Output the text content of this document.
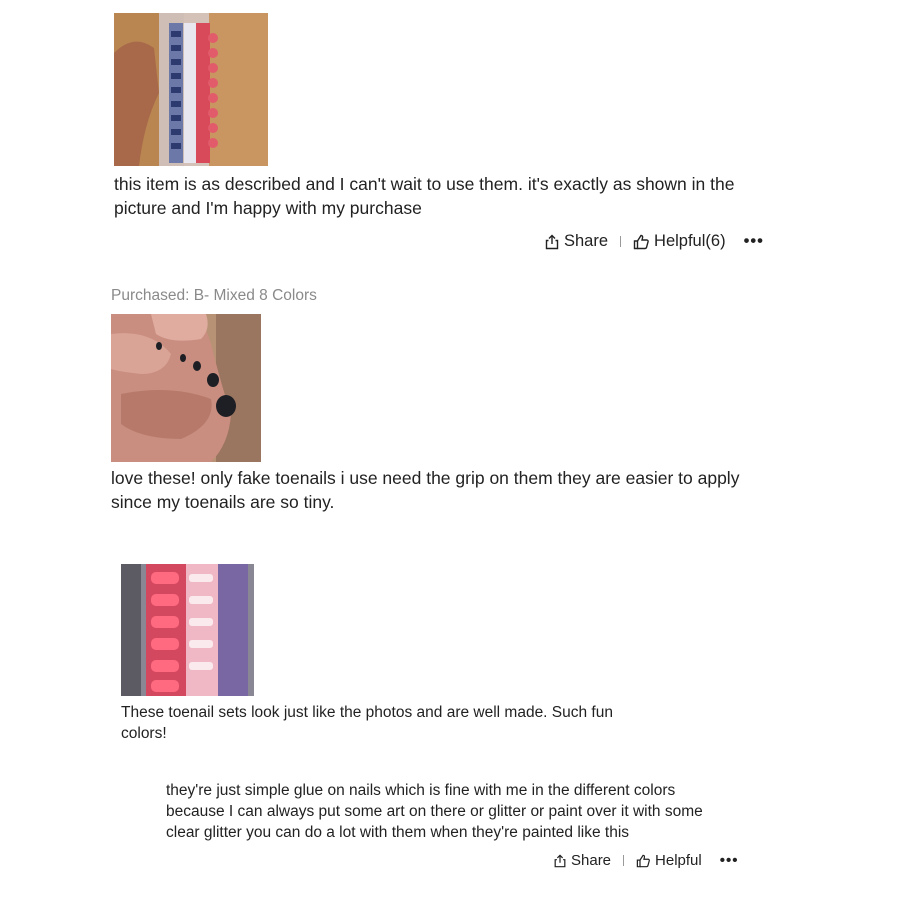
this item is as described and I can't wait to use them. it's exactly as shown in the picture and I'm happy with my purchase

Share	Helpful(6) •••

Purchased: B- Mixed 8 Colors

love these! only fake toenails i use need the grip on them they are easier to apply since my toenails are so tiny.

These toenail sets look just like the photos and are well made. Such fun colors!

they're just simple glue on nails which is fine with me in the different colors because I can always put some art on there or glitter or paint over it with some clear glitter you can do a lot with them when they're painted like this

Share	Helpful •••
